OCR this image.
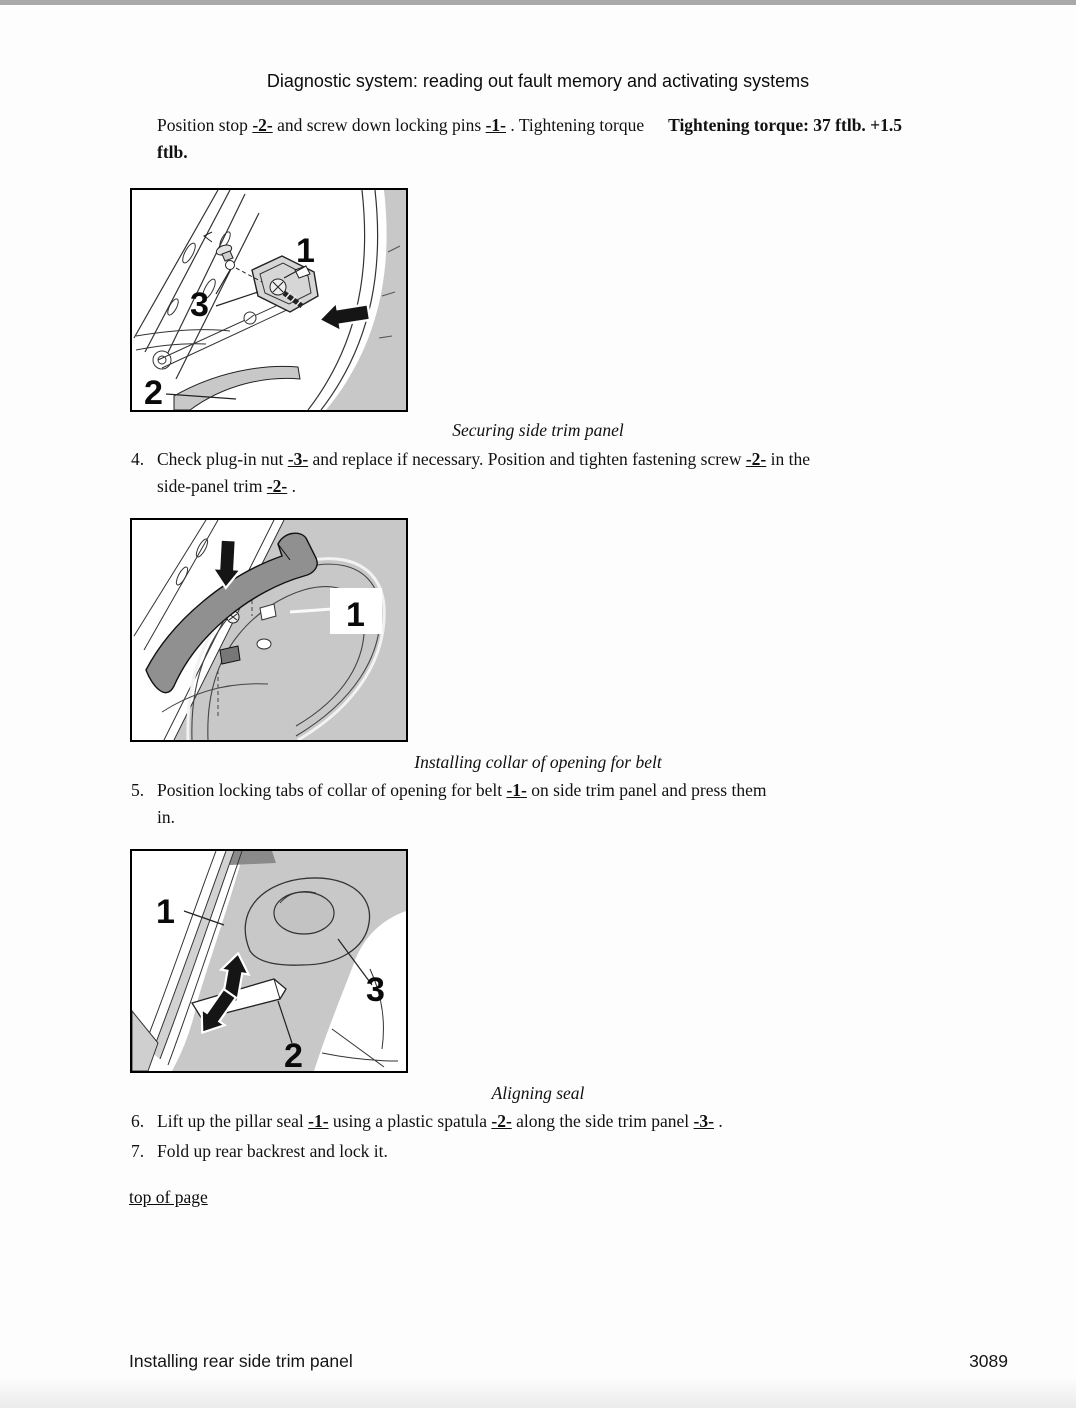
Diagnostic system: reading out fault memory and activating systems
Position stop -2- and screw down locking pins -1- . Tightening torque Tightening torque: 37 ftlb. +1.5
ftlb.
1
3
2
Securing side trim panel
4. Check plug-in nut -3- and replace if necessary. Position and tighten fastening screw -2- in the
side-panel trim -2- .
1
Installing collar of opening for belt
5. Position locking tabs of collar of opening for belt -1- on side trim panel and press them
in.
1
3
2
Aligning seal
6. Lift up the pillar seal -1- using a plastic spatula -2- along the side trim panel -3- .
7. Fold up rear backrest and lock it.
top of page
Installing rear side trim panel	3089
